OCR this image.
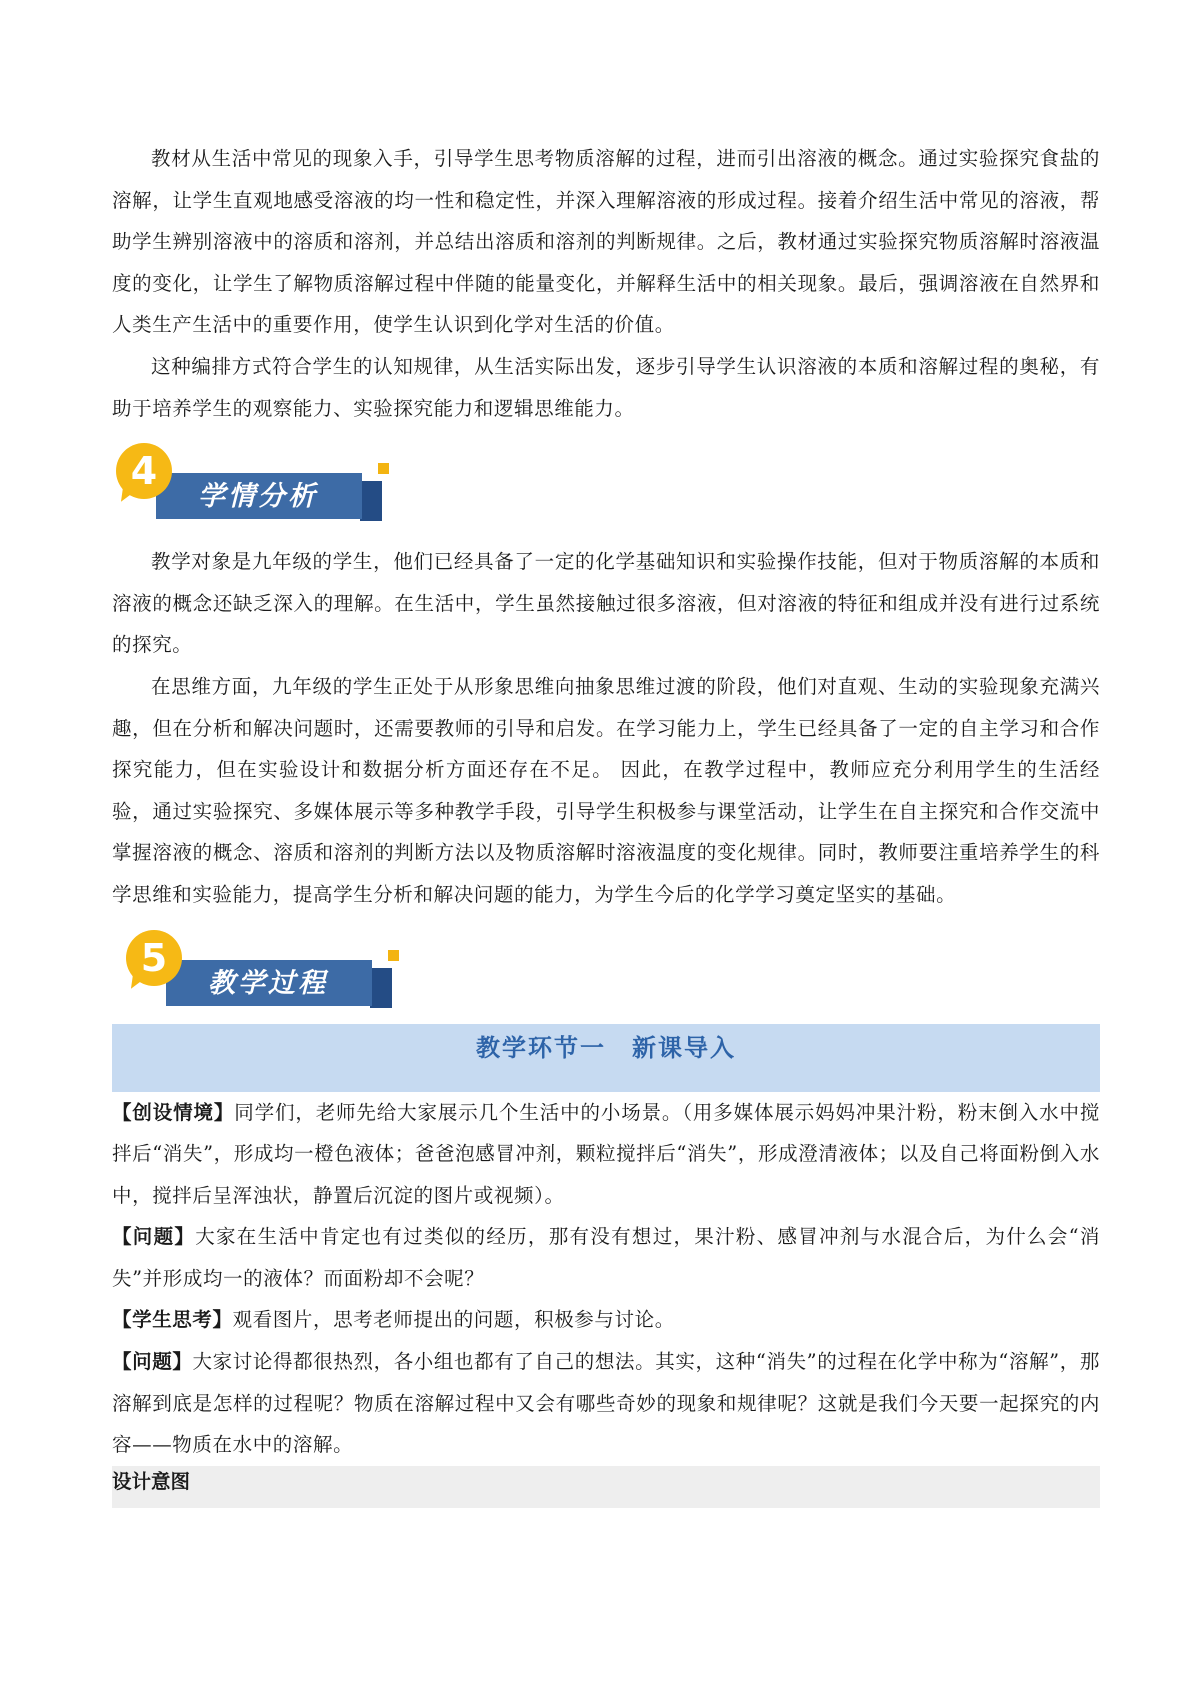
教材从生活中常见的现象入手，引导学生思考物质溶解的过程，进而引出溶液的概念。通过实验探究食盐的溶解，让学生直观地感受溶液的均一性和稳定性，并深入理解溶液的形成过程。接着介绍生活中常见的溶液，帮助学生辨别溶液中的溶质和溶剂，并总结出溶质和溶剂的判断规律。之后，教材通过实验探究物质溶解时溶液温度的变化，让学生了解物质溶解过程中伴随的能量变化，并解释生活中的相关现象。最后，强调溶液在自然界和人类生产生活中的重要作用，使学生认识到化学对生活的价值。

这种编排方式符合学生的认知规律，从生活实际出发，逐步引导学生认识溶液的本质和溶解过程的奥秘，有助于培养学生的观察能力、实验探究能力和逻辑思维能力。

4
学情分析

教学对象是九年级的学生，他们已经具备了一定的化学基础知识和实验操作技能，但对于物质溶解的本质和溶液的概念还缺乏深入的理解。在生活中，学生虽然接触过很多溶液，但对溶液的特征和组成并没有进行过系统的探究。

在思维方面，九年级的学生正处于从形象思维向抽象思维过渡的阶段，他们对直观、生动的实验现象充满兴趣，但在分析和解决问题时，还需要教师的引导和启发。在学习能力上，学生已经具备了一定的自主学习和合作探究能力，但在实验设计和数据分析方面还存在不足。 因此，在教学过程中，教师应充分利用学生的生活经验，通过实验探究、多媒体展示等多种教学手段，引导学生积极参与课堂活动，让学生在自主探究和合作交流中掌握溶液的概念、溶质和溶剂的判断方法以及物质溶解时溶液温度的变化规律。同时，教师要注重培养学生的科学思维和实验能力，提高学生分析和解决问题的能力，为学生今后的化学学习奠定坚实的基础。

5
教学过程
教学环节一　新课导入

【创设情境】同学们，老师先给大家展示几个生活中的小场景。（用多媒体展示妈妈冲果汁粉，粉末倒入水中搅拌后“消失”，形成均一橙色液体；爸爸泡感冒冲剂，颗粒搅拌后“消失”，形成澄清液体；以及自己将面粉倒入水中，搅拌后呈浑浊状，静置后沉淀的图片或视频）。

【问题】大家在生活中肯定也有过类似的经历，那有没有想过，果汁粉、感冒冲剂与水混合后，为什么会“消失”并形成均一的液体？而面粉却不会呢？

【学生思考】观看图片，思考老师提出的问题，积极参与讨论。

【问题】大家讨论得都很热烈，各小组也都有了自己的想法。其实，这种“消失”的过程在化学中称为“溶解”，那溶解到底是怎样的过程呢？物质在溶解过程中又会有哪些奇妙的现象和规律呢？这就是我们今天要一起探究的内容——物质在水中的溶解。

设计意图
